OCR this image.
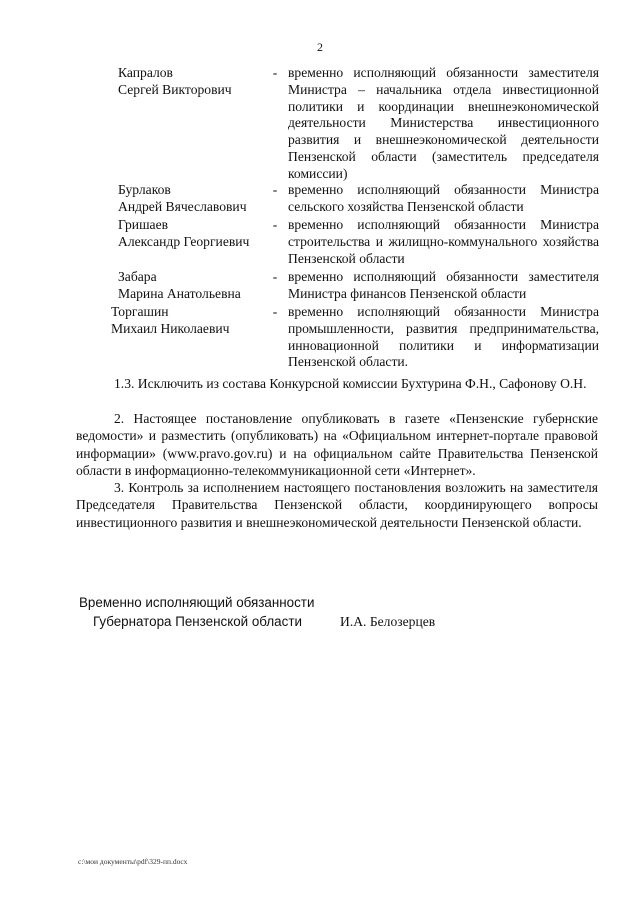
2
Капралов
Сергей Викторович
- временно исполняющий обязанности заместителя Министра – начальника отдела инвестиционной политики и координации внешнеэкономической деятельности Министерства инвестиционного развития и внешнеэкономической деятельности Пензенской области (заместитель председателя комиссии)
Бурлаков
Андрей Вячеславович
- временно исполняющий обязанности Министра сельского хозяйства Пензенской области
Гришаев
Александр Георгиевич
- временно исполняющий обязанности Министра строительства и жилищно-коммунального хозяйства Пензенской области
Забара
Марина Анатольевна
- временно исполняющий обязанности заместителя Министра финансов Пензенской области
Торгашин
Михаил Николаевич
- временно исполняющий обязанности Министра промышленности, развития предпринимательства, инновационной политики и информатизации Пензенской области.

1.3. Исключить из состава Конкурсной комиссии Бухтурина Ф.Н., Сафонову О.Н.

2. Настоящее постановление опубликовать в газете «Пензенские губернские ведомости» и разместить (опубликовать) на «Официальном интернет-портале правовой информации» (www.pravo.gov.ru) и на официальном сайте Правительства Пензенской области в информационно-телекоммуникационной сети «Интернет».

3. Контроль за исполнением настоящего постановления возложить на заместителя Председателя Правительства Пензенской области, координирующего вопросы инвестиционного развития и внешнеэкономической деятельности Пензенской области.

Временно исполняющий обязанности
Губернатора Пензенской области	И.А. Белозерцев
c:\мои документы\pdf\329-пп.docx
